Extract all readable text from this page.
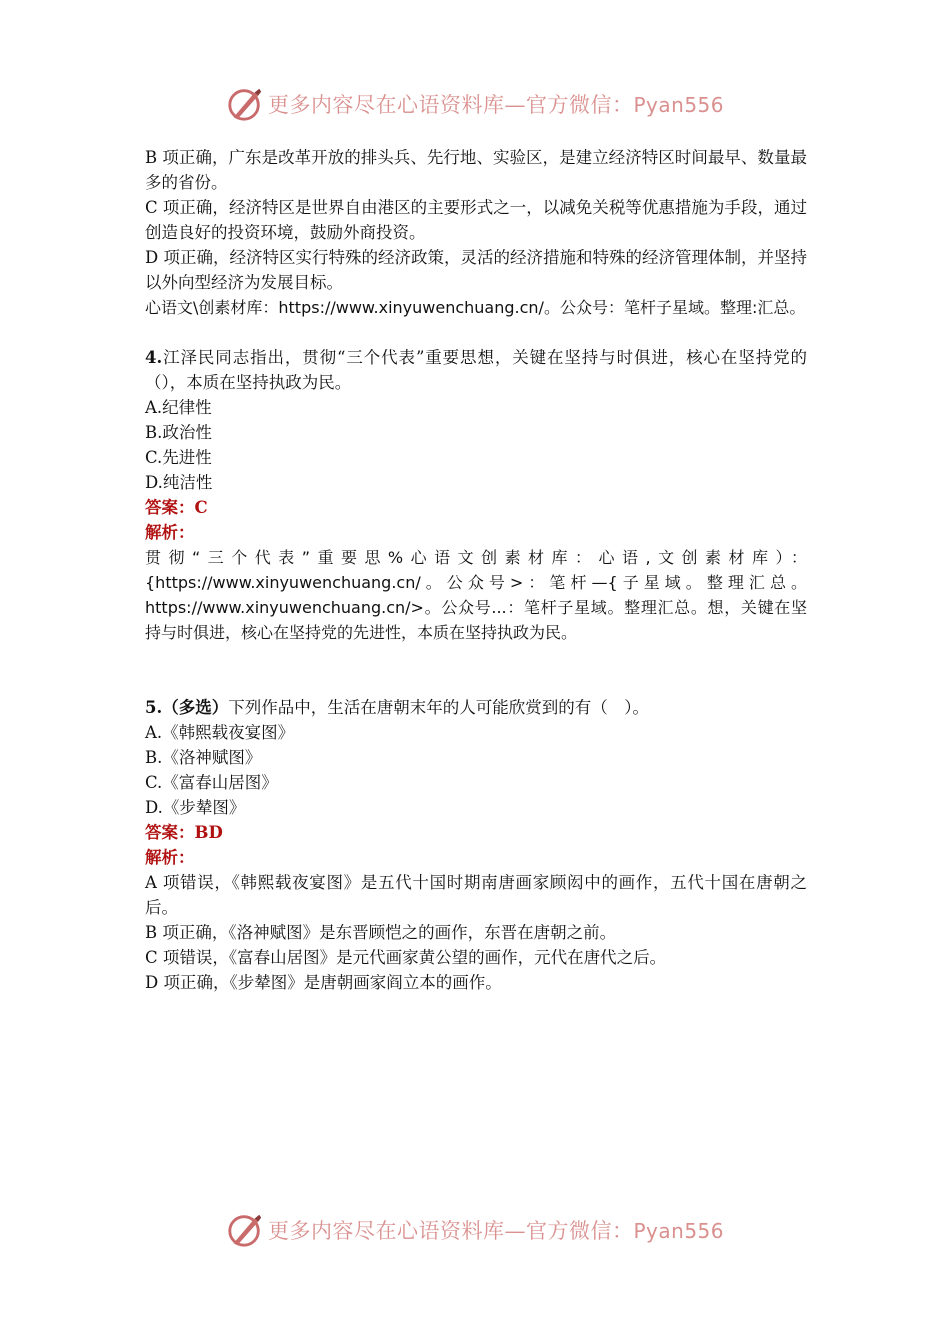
更多内容尽在心语资料库—官方微信：Pyan556

B 项正确，广东是改革开放的排头兵、先行地、实验区，是建立经济特区时间最早、数量最多的省份。

C 项正确，经济特区是世界自由港区的主要形式之一，以减免关税等优惠措施为手段，通过创造良好的投资环境，鼓励外商投资。

D 项正确，经济特区实行特殊的经济政策，灵活的经济措施和特殊的经济管理体制，并坚持以外向型经济为发展目标。

心语文\创素材库：https://www.xinyuwenchuang.cn/。公众号：笔杆子星域。整理:汇总。

4.江泽民同志指出，贯彻“三个代表”重要思想，关键在坚持与时俱进，核心在坚持党的（），本质在坚持执政为民。

A.纪律性

B.政治性

C.先进性

D.纯洁性

答案：C

解析：

贯彻“三个代表”重要思%心语文创素材库：心语,文创素材库）：{https://www.xinyuwenchuang.cn/。公众号>：笔杆—{子星域。整理汇总。https://www.xinyuwenchuang.cn/>。公众号...：笔杆子星域。整理汇总。想，关键在坚持与时俱进，核心在坚持党的先进性，本质在坚持执政为民。

5.（多选）下列作品中，生活在唐朝末年的人可能欣赏到的有（　）。

A.《韩熙载夜宴图》

B.《洛神赋图》

C.《富春山居图》

D.《步辇图》

答案：BD

解析：

A 项错误，《韩熙载夜宴图》是五代十国时期南唐画家顾闳中的画作，五代十国在唐朝之后。

B 项正确，《洛神赋图》是东晋顾恺之的画作，东晋在唐朝之前。

C 项错误，《富春山居图》是元代画家黄公望的画作，元代在唐代之后。

D 项正确，《步辇图》是唐朝画家阎立本的画作。

更多内容尽在心语资料库—官方微信：Pyan556
